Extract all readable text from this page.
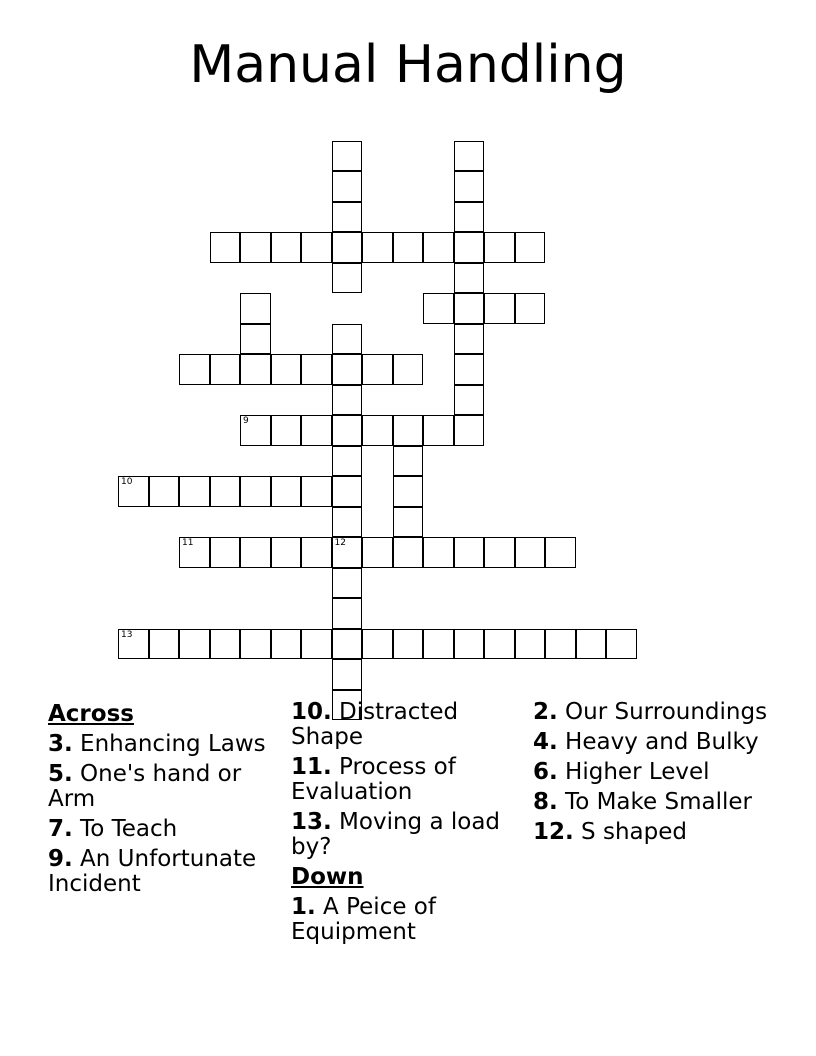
Manual Handling
12
9
10
11
13
Across
3. Enhancing Laws
5. One's hand or Arm
7. To Teach
9. An Unfortunate Incident
10. Distracted Shape
11. Process of Evaluation
13. Moving a load by?
Down
1. A Peice of Equipment
2. Our Surroundings
4. Heavy and Bulky
6. Higher Level
8. To Make Smaller
12. S shaped
